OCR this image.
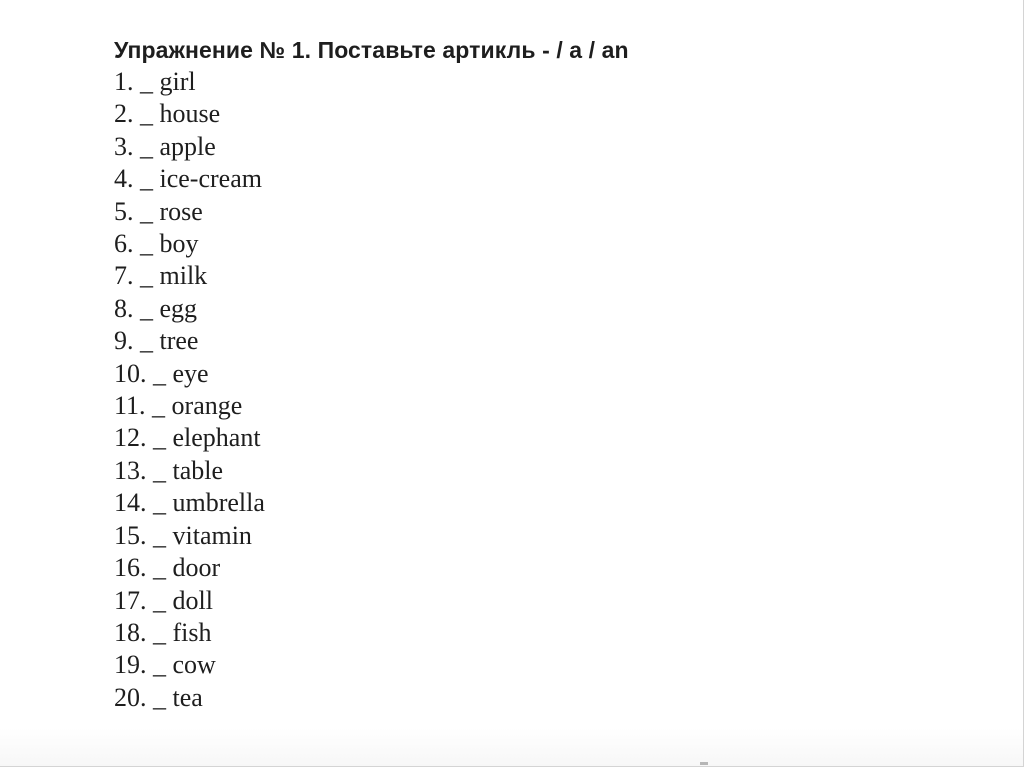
Упражнение № 1. Поставьте артикль - / a / an
1. _ girl
2. _ house
3. _ apple
4. _ ice-cream
5. _ rose
6. _ boy
7. _ milk
8. _ egg
9. _ tree
10. _ eye
11. _ orange
12. _ elephant
13. _ table
14. _ umbrella
15. _ vitamin
16. _ door
17. _ doll
18. _ fish
19. _ cow
20. _ tea
